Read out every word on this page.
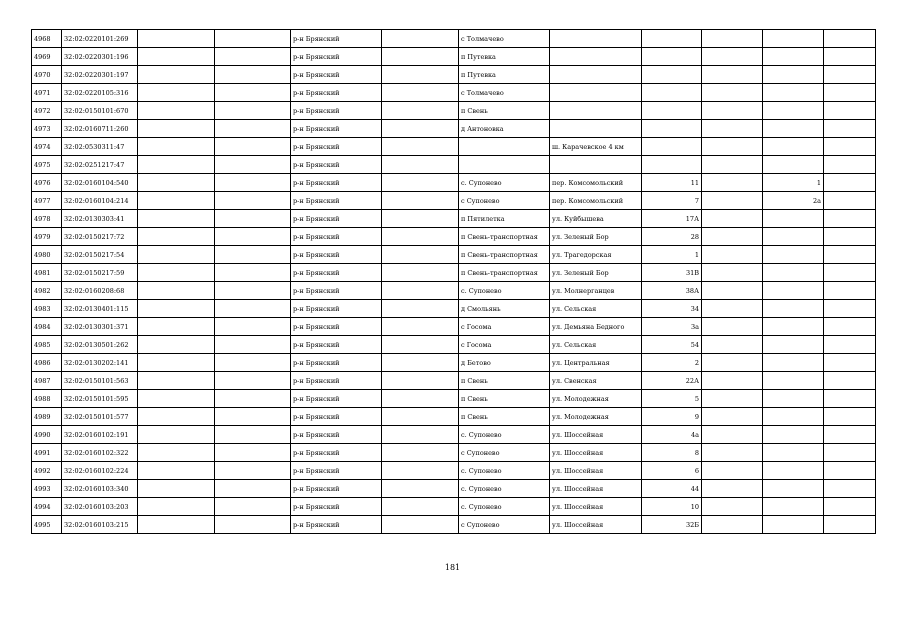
4968	32:02:0220101:269			р-н Брянский		с Толмачево					
4969	32:02:0220301:196			р-н Брянский		п Путевка					
4970	32:02:0220301:197			р-н Брянский		п Путевка					
4971	32:02:0220105:316			р-н Брянский		с Толмачево					
4972	32:02:0150101:670			р-н Брянский		п Свень					
4973	32:02:0160711:260			р-н Брянский		д Антоновка					
4974	32:02:0530311:47			р-н Брянский			ш. Карачевское 4 км				
4975	32:02:0251217:47			р-н Брянский							
4976	32:02:0160104:540			р-н Брянский		с. Супонево	пер. Комсомольский	11		1	
4977	32:02:0160104:214			р-н Брянский		с Супонево	пер. Комсомольский	7		2а	
4978	32:02:0130303:41			р-н Брянский		п Пятилетка	ул. Куйбышева	17А			
4979	32:02:0150217:72			р-н Брянский		п Свень-транспортная	ул. Зеленый Бор	28			
4980	32:02:0150217:54			р-н Брянский		п Свень-транспортная	ул. Трагедорская	1			
4981	32:02:0150217:59			р-н Брянский		п Свень-транспортная	ул. Зеленый Бор	31В			
4982	32:02:0160208:68			р-н Брянский		с. Супонево	ул. Молнерганцев	38А			
4983	32:02:0130401:115			р-н Брянский		д Смольянь	ул. Сельская	34			
4984	32:02:0130301:371			р-н Брянский		с Госома	ул. Демьяна Бедного	3а			
4985	32:02:0130501:262			р-н Брянский		с Госома	ул. Сельская	54			
4986	32:02:0130202:141			р-н Брянский		д Бетово	ул. Центральная	2			
4987	32:02:0150101:563			р-н Брянский		п Свень	ул. Свенская	22А			
4988	32:02:0150101:595			р-н Брянский		п Свень	ул. Молодежная	5			
4989	32:02:0150101:577			р-н Брянский		п Свень	ул. Молодежная	9			
4990	32:02:0160102:191			р-н Брянский		с. Супонево	ул. Шоссейная	4а			
4991	32:02:0160102:322			р-н Брянский		с Супонево	ул. Шоссейная	8			
4992	32:02:0160102:224			р-н Брянский		с. Супонево	ул. Шоссейная	6			
4993	32:02:0160103:340			р-н Брянский		с. Супонево	ул. Шоссейная	44			
4994	32:02:0160103:203			р-н Брянский		с. Супонево	ул. Шоссейная	10			
4995	32:02:0160103:215			р-н Брянский		с Супонево	ул. Шоссейная	32Б			
181
